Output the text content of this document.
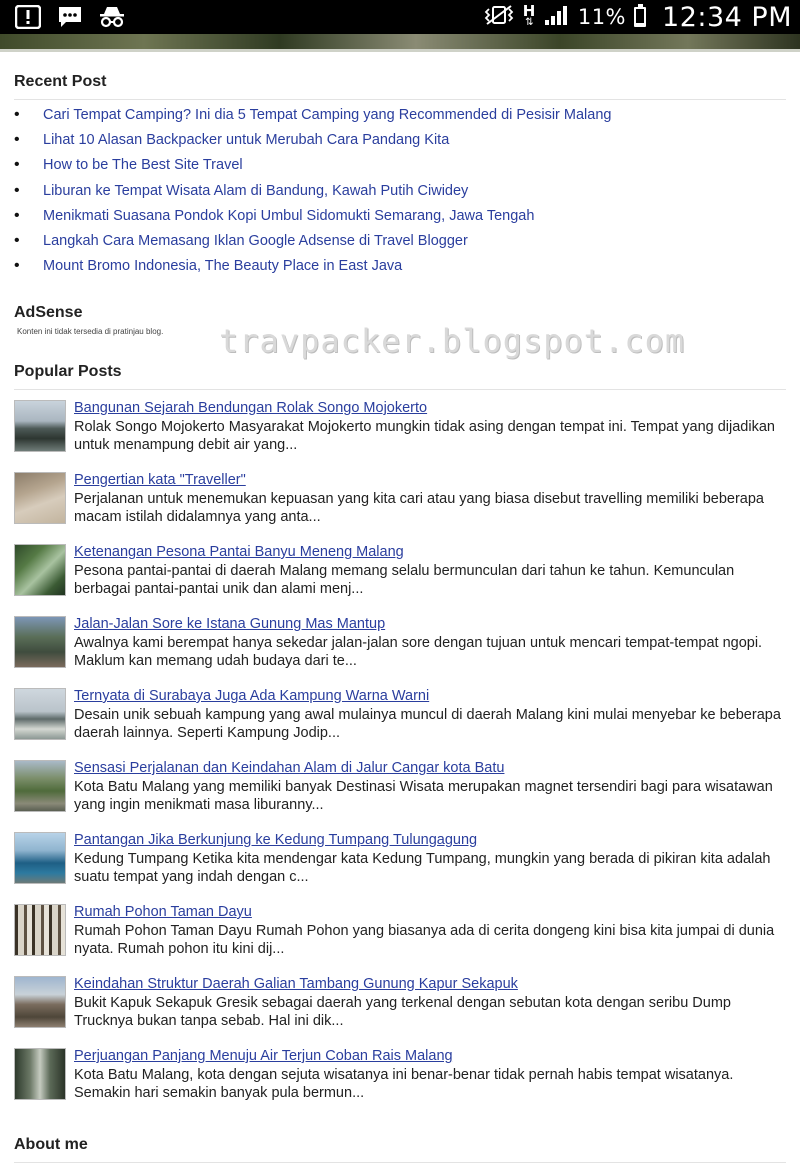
H
⇅ 11% 12:34 PM
Recent Post
• Cari Tempat Camping? Ini dia 5 Tempat Camping yang Recommended di Pesisir Malang
• Lihat 10 Alasan Backpacker untuk Merubah Cara Pandang Kita
• How to be The Best Site Travel
• Liburan ke Tempat Wisata Alam di Bandung, Kawah Putih Ciwidey
• Menikmati Suasana Pondok Kopi Umbul Sidomukti Semarang, Jawa Tengah
• Langkah Cara Memasang Iklan Google Adsense di Travel Blogger
• Mount Bromo Indonesia, The Beauty Place in East Java
AdSense
Konten ini tidak tersedia di pratinjau blog. travpacker.blogspot.com
Popular Posts
Bangunan Sejarah Bendungan Rolak Songo Mojokerto
Rolak Songo Mojokerto Masyarakat Mojokerto mungkin tidak asing dengan tempat ini. Tempat yang dijadikan untuk menampung debit air yang...
Pengertian kata "Traveller"
Perjalanan untuk menemukan kepuasan yang kita cari atau yang biasa disebut travelling memiliki beberapa macam istilah didalamnya yang anta...
Ketenangan Pesona Pantai Banyu Meneng Malang
Pesona pantai-pantai di daerah Malang memang selalu bermunculan dari tahun ke tahun. Kemunculan berbagai pantai-pantai unik dan alami menj...
Jalan-Jalan Sore ke Istana Gunung Mas Mantup
Awalnya kami berempat hanya sekedar jalan-jalan sore dengan tujuan untuk mencari tempat-tempat ngopi. Maklum kan memang udah budaya dari te...
Ternyata di Surabaya Juga Ada Kampung Warna Warni
Desain unik sebuah kampung yang awal mulainya muncul di daerah Malang kini mulai menyebar ke beberapa daerah lainnya. Seperti Kampung Jodip...
Sensasi Perjalanan dan Keindahan Alam di Jalur Cangar kota Batu
Kota Batu Malang yang memiliki banyak Destinasi Wisata merupakan magnet tersendiri bagi para wisatawan yang ingin menikmati masa liburanny...
Pantangan Jika Berkunjung ke Kedung Tumpang Tulungagung
Kedung Tumpang Ketika kita mendengar kata Kedung Tumpang, mungkin yang berada di pikiran kita adalah suatu tempat yang indah dengan c...
Rumah Pohon Taman Dayu
Rumah Pohon Taman Dayu Rumah Pohon yang biasanya ada di cerita dongeng kini bisa kita jumpai di dunia nyata. Rumah pohon itu kini dij...
Keindahan Struktur Daerah Galian Tambang Gunung Kapur Sekapuk
Bukit Kapuk Sekapuk Gresik sebagai daerah yang terkenal dengan sebutan kota dengan seribu Dump Trucknya bukan tanpa sebab. Hal ini dik...
Perjuangan Panjang Menuju Air Terjun Coban Rais Malang
Kota Batu Malang, kota dengan sejuta wisatanya ini benar-benar tidak pernah habis tempat wisatanya. Semakin hari semakin banyak pula bermun...
About me
